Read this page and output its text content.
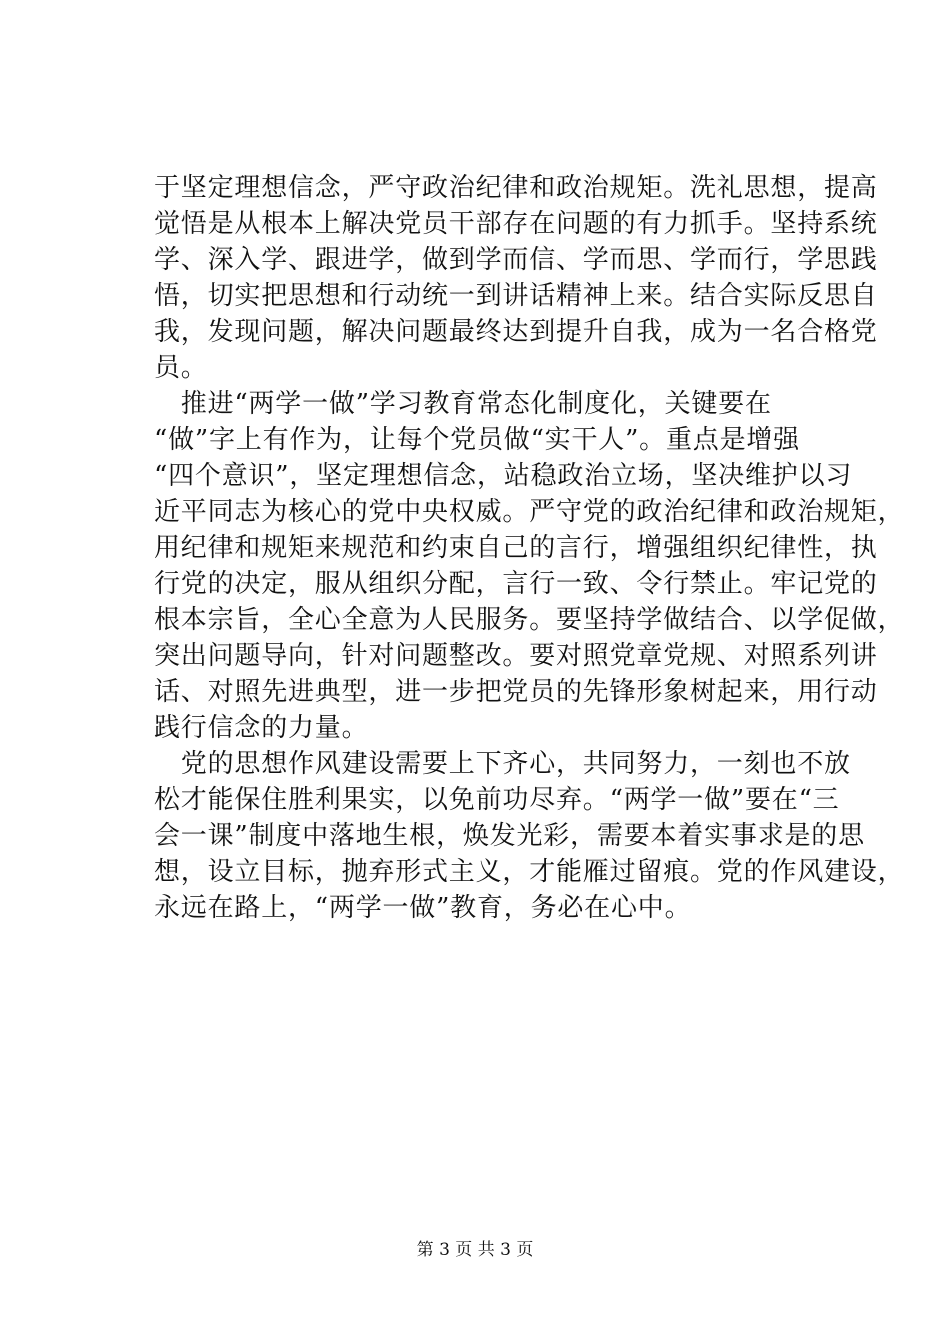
于坚定理想信念，严守政治纪律和政治规矩。洗礼思想，提高
觉悟是从根本上解决党员干部存在问题的有力抓手。坚持系统
学、深入学、跟进学，做到学而信、学而思、学而行，学思践
悟，切实把思想和行动统一到讲话精神上来。结合实际反思自
我，发现问题，解决问题最终达到提升自我，成为一名合格党
员。
　推进“两学一做”学习教育常态化制度化，关键要在
“做”字上有作为，让每个党员做“实干人”。重点是增强
“四个意识”，坚定理想信念，站稳政治立场，坚决维护以习
近平同志为核心的党中央权威。严守党的政治纪律和政治规矩，
用纪律和规矩来规范和约束自己的言行，增强组织纪律性，执
行党的决定，服从组织分配，言行一致、令行禁止。牢记党的
根本宗旨，全心全意为人民服务。要坚持学做结合、以学促做，
突出问题导向，针对问题整改。要对照党章党规、对照系列讲
话、对照先进典型，进一步把党员的先锋形象树起来，用行动
践行信念的力量。
　党的思想作风建设需要上下齐心，共同努力，一刻也不放
松才能保住胜利果实，以免前功尽弃。“两学一做”要在“三
会一课”制度中落地生根，焕发光彩，需要本着实事求是的思
想，设立目标，抛弃形式主义，才能雁过留痕。党的作风建设，
永远在路上，“两学一做”教育，务必在心中。
第 3 页 共 3 页
